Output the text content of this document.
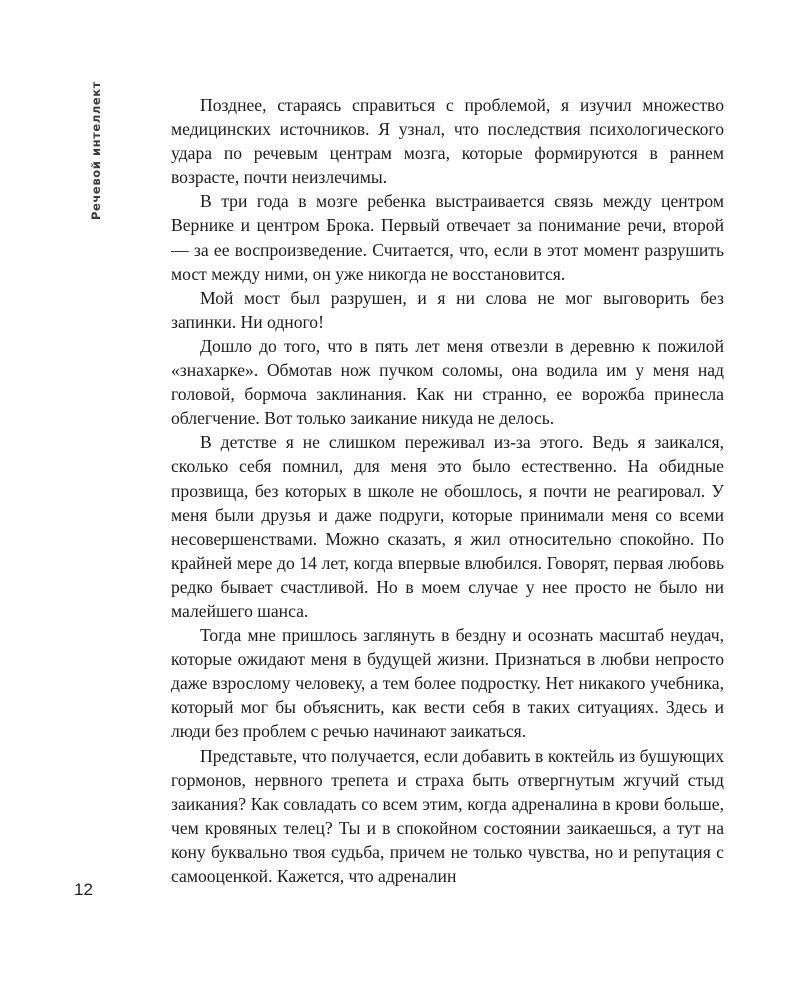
Речевой интеллект
12

Позднее, стараясь справиться с проблемой, я изучил множество медицинских источников. Я узнал, что последствия психологического удара по речевым центрам мозга, которые формируются в раннем возрасте, почти неизлечимы.

В три года в мозге ребенка выстраивается связь между центром Вернике и центром Брока. Первый отвечает за понимание речи, второй — за ее воспроизведение. Считается, что, если в этот момент разрушить мост между ними, он уже никогда не восстановится.

Мой мост был разрушен, и я ни слова не мог выговорить без запинки. Ни одного!

Дошло до того, что в пять лет меня отвезли в деревню к пожилой «знахарке». Обмотав нож пучком соломы, она водила им у меня над головой, бормоча заклинания. Как ни странно, ее ворожба принесла облегчение. Вот только заикание никуда не делось.

В детстве я не слишком переживал из-за этого. Ведь я заикался, сколько себя помнил, для меня это было естественно. На обидные прозвища, без которых в школе не обошлось, я почти не реагировал. У меня были друзья и даже подруги, которые принимали меня со всеми несовершенствами. Можно сказать, я жил относительно спокойно. По крайней мере до 14 лет, когда впервые влюбился. Говорят, первая любовь редко бывает счастливой. Но в моем случае у нее просто не было ни малейшего шанса.

Тогда мне пришлось заглянуть в бездну и осознать масштаб неудач, которые ожидают меня в будущей жизни. Признаться в любви непросто даже взрослому человеку, а тем более подростку. Нет никакого учебника, который мог бы объяснить, как вести себя в таких ситуациях. Здесь и люди без проблем с речью начинают заикаться.

Представьте, что получается, если добавить в коктейль из бушующих гормонов, нервного трепета и страха быть отвергнутым жгучий стыд заикания? Как совладать со всем этим, когда адреналина в крови больше, чем кровяных телец? Ты и в спокойном состоянии заикаешься, а тут на кону буквально твоя судьба, причем не только чувства, но и репутация с самооценкой. Кажется, что адреналин
